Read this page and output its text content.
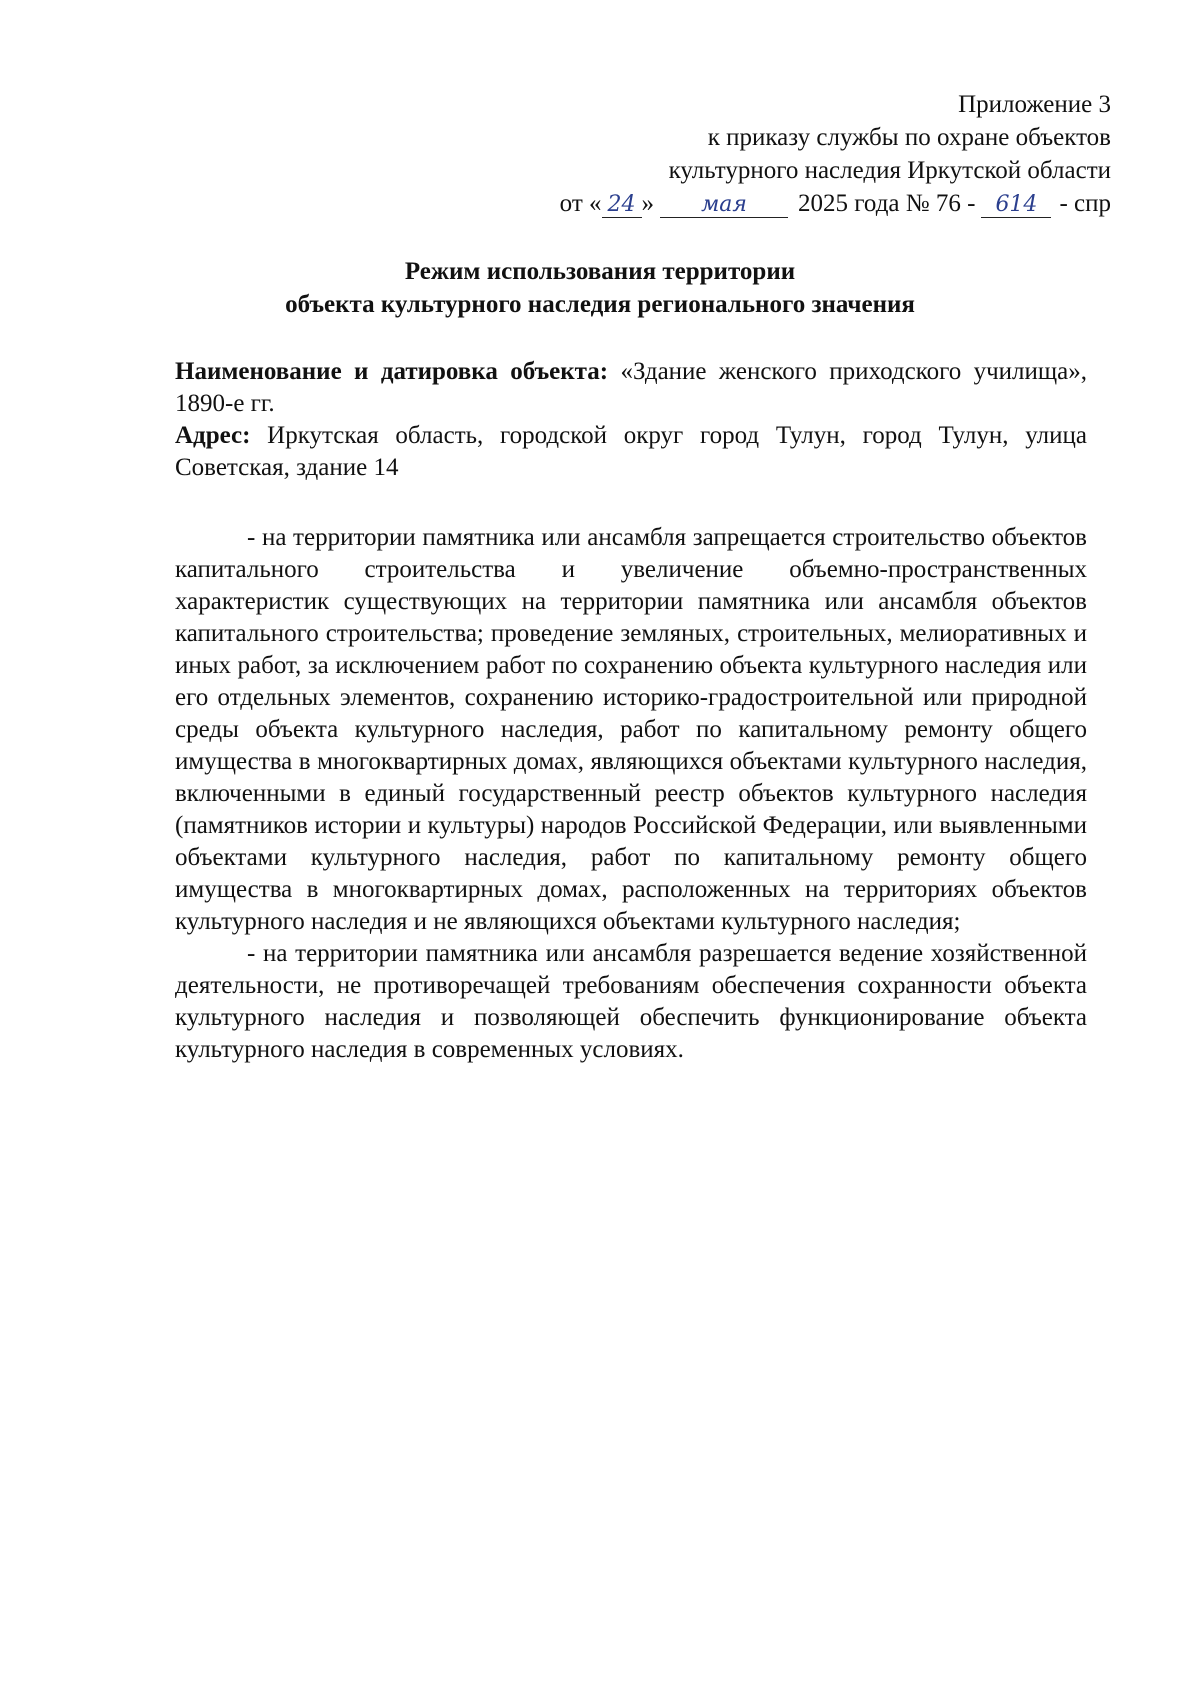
Приложение 3
к приказу службы по охране объектов
культурного наследия Иркутской области
от « 24 » мая 2025 года № 76 - 614 - спр
Режим использования территории
объекта культурного наследия регионального значения

Наименование и датировка объекта: «Здание женского приходского училища», 1890-е гг.

Адрес: Иркутская область, городской округ город Тулун, город Тулун, улица Советская, здание 14

- на территории памятника или ансамбля запрещается строительство объектов капитального строительства и увеличение объемно-пространственных характеристик существующих на территории памятника или ансамбля объектов капитального строительства; проведение земляных, строительных, мелиоративных и иных работ, за исключением работ по сохранению объекта культурного наследия или его отдельных элементов, сохранению историко-градостроительной или природной среды объекта культурного наследия, работ по капитальному ремонту общего имущества в многоквартирных домах, являющихся объектами культурного наследия, включенными в единый государственный реестр объектов культурного наследия (памятников истории и культуры) народов Российской Федерации, или выявленными объектами культурного наследия, работ по капитальному ремонту общего имущества в многоквартирных домах, расположенных на территориях объектов культурного наследия и не являющихся объектами культурного наследия;

- на территории памятника или ансамбля разрешается ведение хозяйственной деятельности, не противоречащей требованиям обеспечения сохранности объекта культурного наследия и позволяющей обеспечить функционирование объекта культурного наследия в современных условиях.
